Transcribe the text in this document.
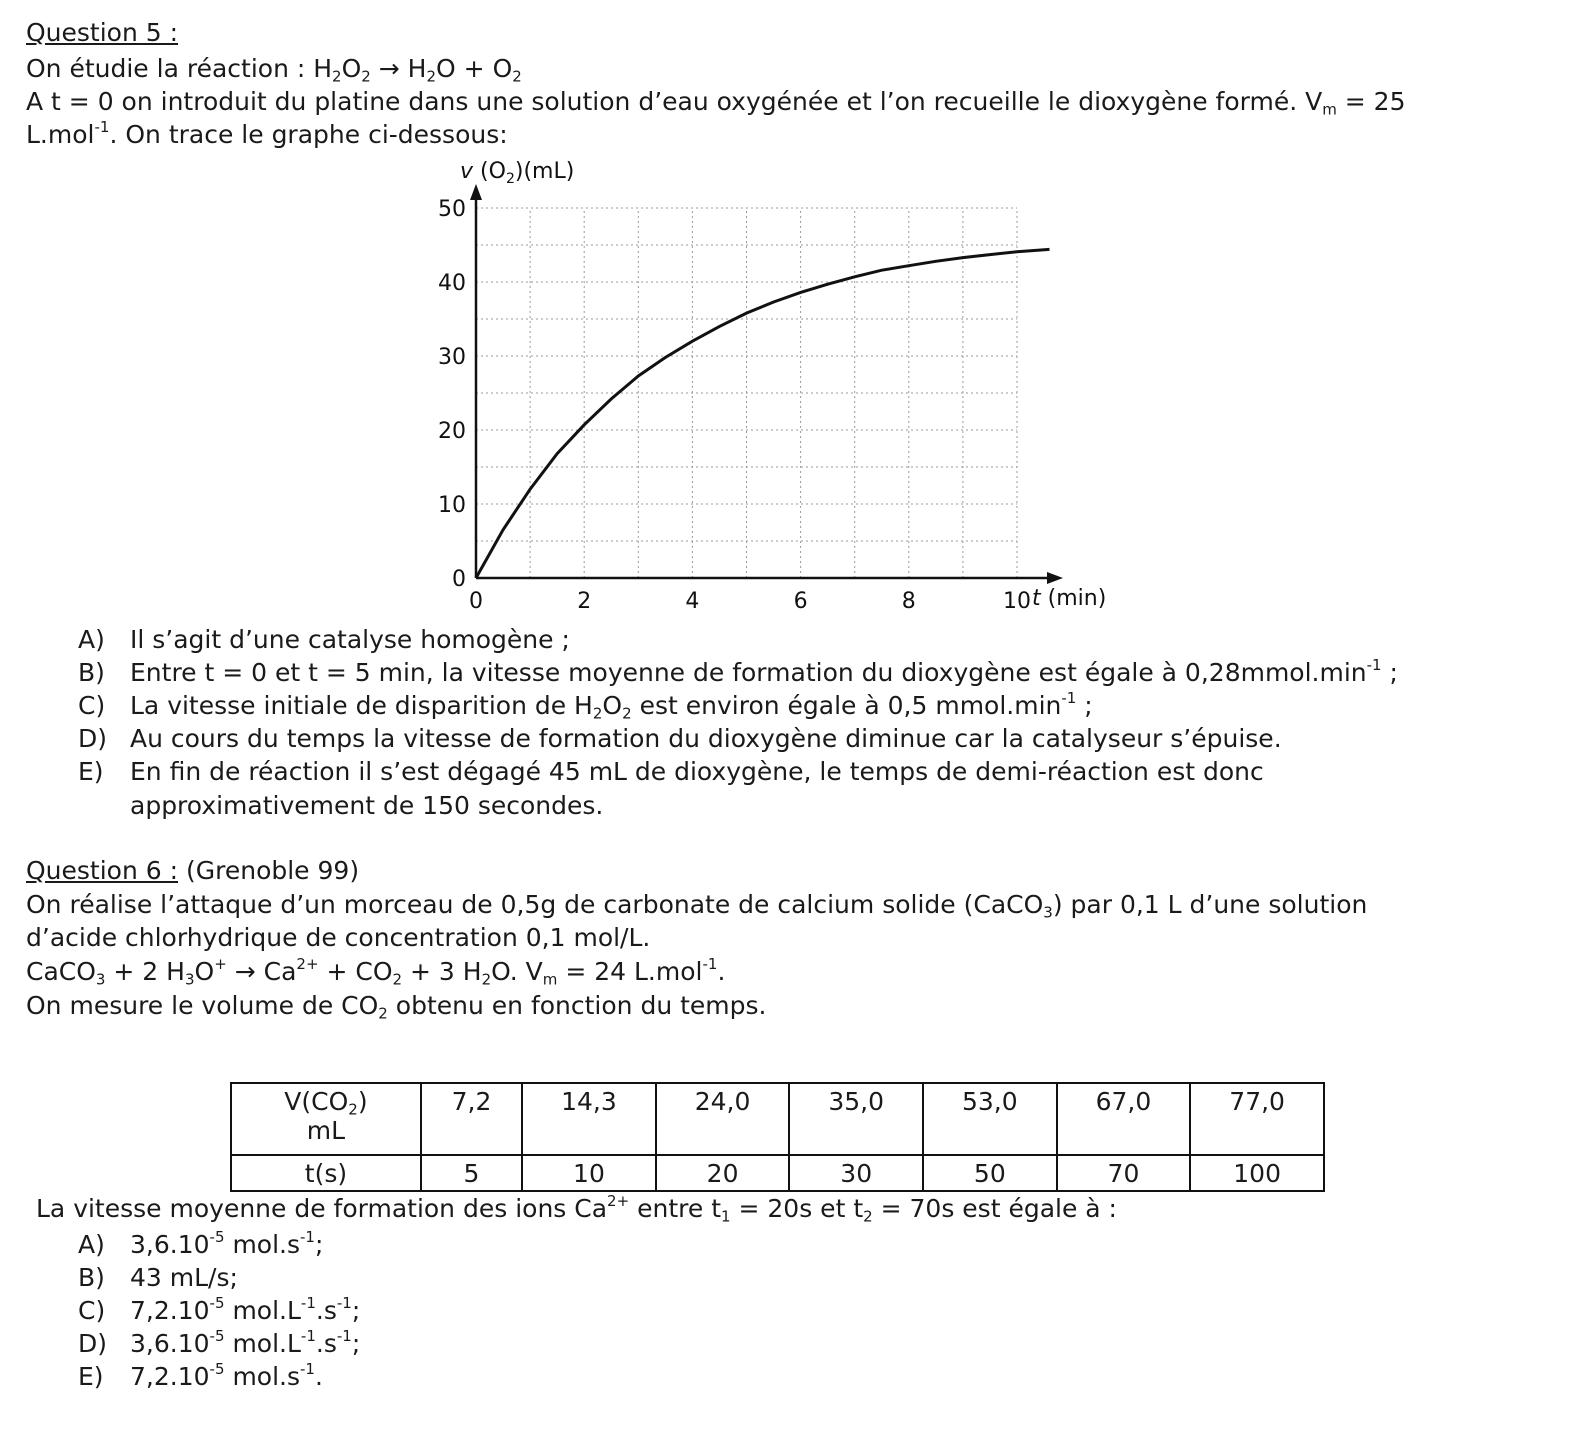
Question 5 :
On étudie la réaction : $H_2O_2 \to H_2O + O_2$
A t = 0 on introduit du platine dans une solution d’eau oxygénée et l’on recueille le dioxygène formé. $V_m = 25$
L.mol$^{-1}$. On trace le graphe ci-dessous:
0
10
20
30
40
50
0	2	4	6	8	10
v $(O_2)(mL)$
t (min)
A) Il s’agit d’une catalyse homogène ;
B) Entre t = 0 et t = 5 min, la vitesse moyenne de formation du dioxygène est égale à $0,28mmol.\min^{-1}$ ;
C) La vitesse initiale de disparition de $H_2O_2$ est environ égale à 0,5 $mmol.\min^{-1}$ ;
D) Au cours du temps la vitesse de formation du dioxygène diminue car la catalyseur s’épuise.
E) En fin de réaction il s’est dégagé 45 mL de dioxygène, le temps de demi-réaction est donc
approximativement de 150 secondes.
Question 6 : (Grenoble 99)
On réalise l’attaque d’un morceau de 0,5g de carbonate de calcium solide (CaCO$_3$) par 0,1 L d’une solution
d’acide chlorhydrique de concentration 0,1 mol/L.
CaCO$_3$ + 2 $H_3O^+ \to Ca^{2+} + CO_2 + 3$ $H_2O$. $V_m = 24$ L.mol$^{-1}$.
On mesure le volume de $CO_2$ obtenu en fonction du temps.
$V(CO_2)$
mL	7,2	14,3	24,0	35,0	53,0	67,0	77,0
t(s)	5	10	20	30	50	70	100
La vitesse moyenne de formation des ions $Ca^{2+}$ entre $t_1 = 20s$ et $t_2 = 70s$ est égale à :
A) $3,6.10^{-5}$ $mol.s^{-1}$;
B) 43 mL/s;
C) $7,2.10^{-5}$ $mol.L^{-1}.s^{-1}$;
D) $3,6.10^{-5}$ $mol.L^{-1}.s^{-1}$;
E) $7,2.10^{-5}$ $mol.s^{-1}$.
